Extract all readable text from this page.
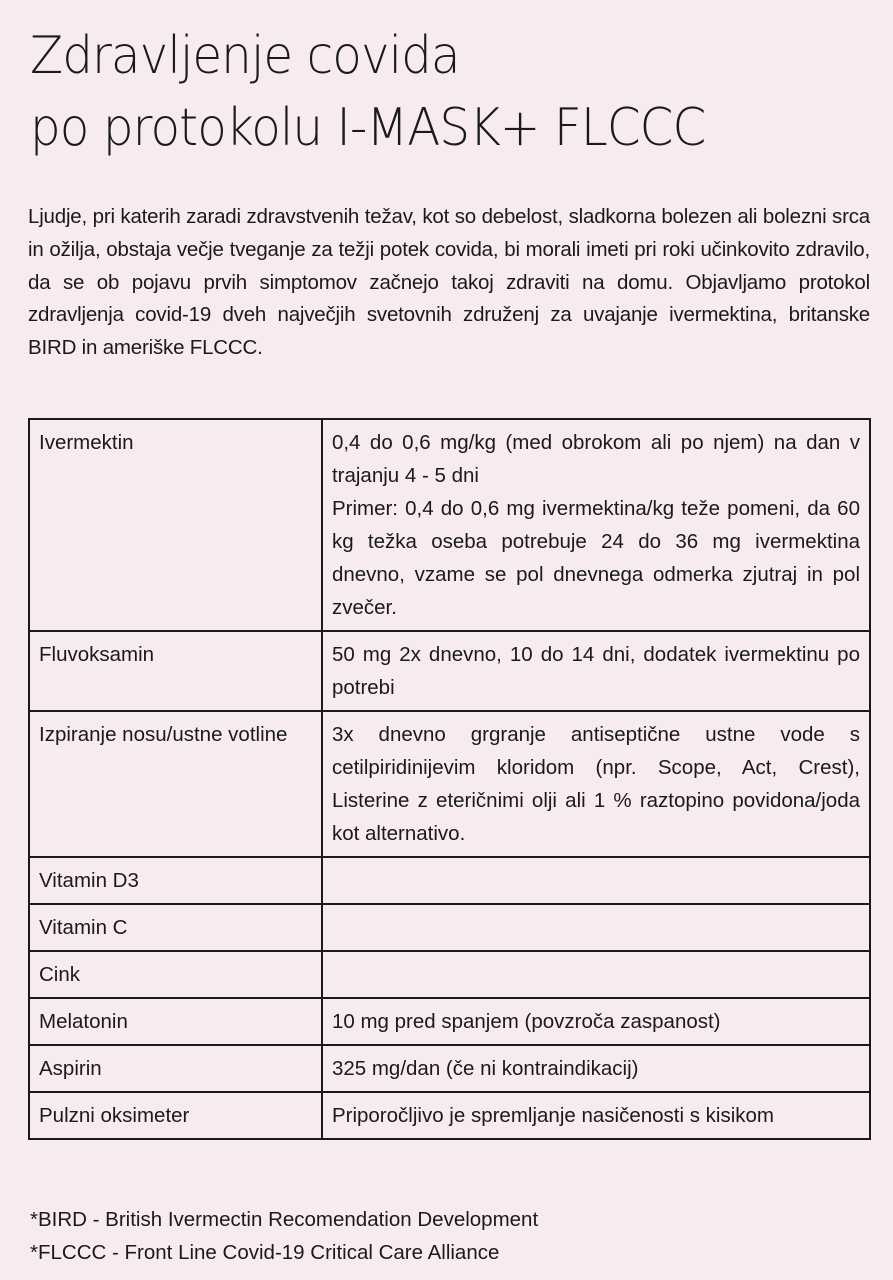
Zdravljenje covida
po protokolu I-MASK+ FLCCC

Ljudje, pri katerih zaradi zdravstvenih težav, kot so debelost, sladkorna bolezen ali bolezni srca in ožilja, obstaja večje tveganje za težji potek covida, bi morali imeti pri roki učinkovito zdravilo, da se ob pojavu prvih simptomov začnejo takoj zdraviti na domu. Objavljamo protokol zdravljenja covid-19 dveh največjih svetovnih združenj za uvajanje ivermektina, britanske BIRD in ameriške FLCCC.

Ivermektin	0,4 do 0,6 mg/kg (med obrokom ali po njem) na dan v trajanju 4 - 5 dni
Primer: 0,4 do 0,6 mg ivermektina/kg teže pomeni, da 60 kg težka oseba potrebuje 24 do 36 mg ivermektina dnevno, vzame se pol dnevnega odmerka zjutraj in pol zvečer.

Fluvoksamin	50 mg 2x dnevno, 10 do 14 dni, dodatek ivermektinu po potrebi
Izpiranje nosu/ustne votline	3x dnevno grgranje antiseptične ustne vode s cetilpiridinijevim kloridom (npr. Scope, Act, Crest), Listerine z eteričnimi olji ali 1 % raztopino povidona/joda kot alternativo.
Vitamin D3	
Vitamin C	
Cink	
Melatonin	10 mg pred spanjem (povzroča zaspanost)
Aspirin	325 mg/dan (če ni kontraindikacij)
Pulzni oksimeter	Priporočljivo je spremljanje nasičenosti s kisikom
*BIRD - British Ivermectin Recomendation Development
*FLCCC - Front Line Covid-19 Critical Care Alliance
